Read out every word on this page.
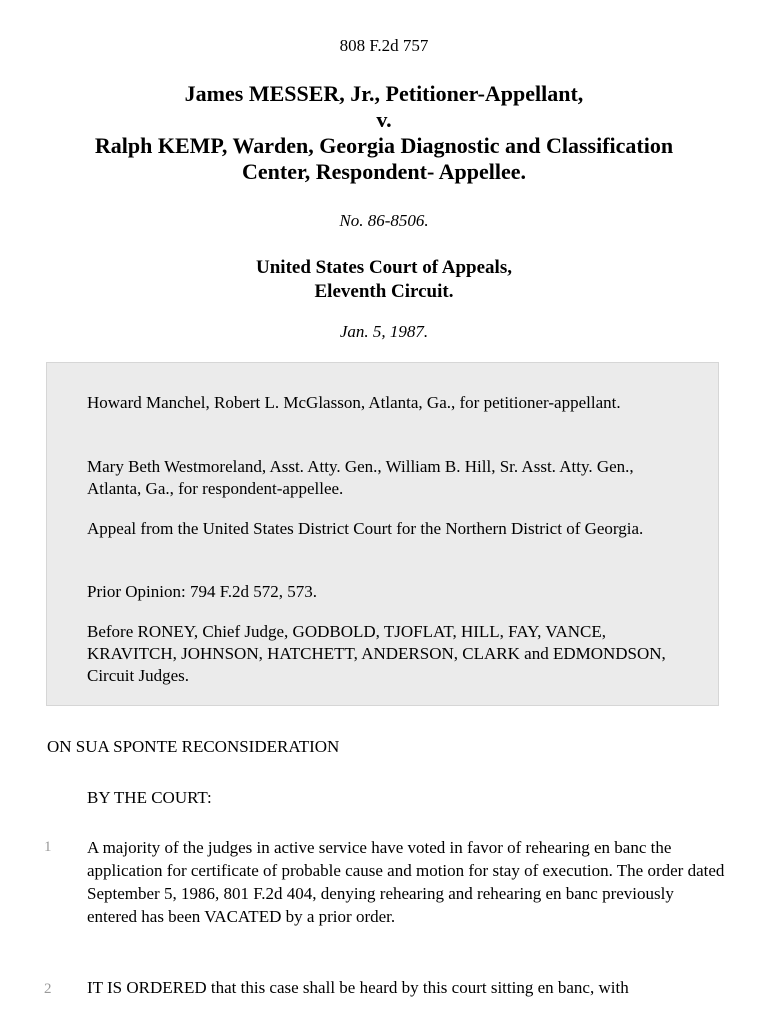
808 F.2d 757
James MESSER, Jr., Petitioner-Appellant,
v.
Ralph KEMP, Warden, Georgia Diagnostic and Classification
Center, Respondent- Appellee.
No. 86-8506.
United States Court of Appeals,
Eleventh Circuit.
Jan. 5, 1987.

Howard Manchel, Robert L. McGlasson, Atlanta, Ga., for petitioner-appellant.

Mary Beth Westmoreland, Asst. Atty. Gen., William B. Hill, Sr. Asst. Atty. Gen., Atlanta, Ga., for respondent-appellee.

Appeal from the United States District Court for the Northern District of Georgia.

Prior Opinion: 794 F.2d 572, 573.

Before RONEY, Chief Judge, GODBOLD, TJOFLAT, HILL, FAY, VANCE, KRAVITCH, JOHNSON, HATCHETT, ANDERSON, CLARK and EDMONDSON, Circuit Judges.

ON SUA SPONTE RECONSIDERATION
BY THE COURT:
1 A majority of the judges in active service have voted in favor of rehearing en banc the application for certificate of probable cause and motion for stay of execution. The order dated September 5, 1986, 801 F.2d 404, denying rehearing and rehearing en banc previously entered has been VACATED by a prior order.

2 IT IS ORDERED that this case shall be heard by this court sitting en banc, with
